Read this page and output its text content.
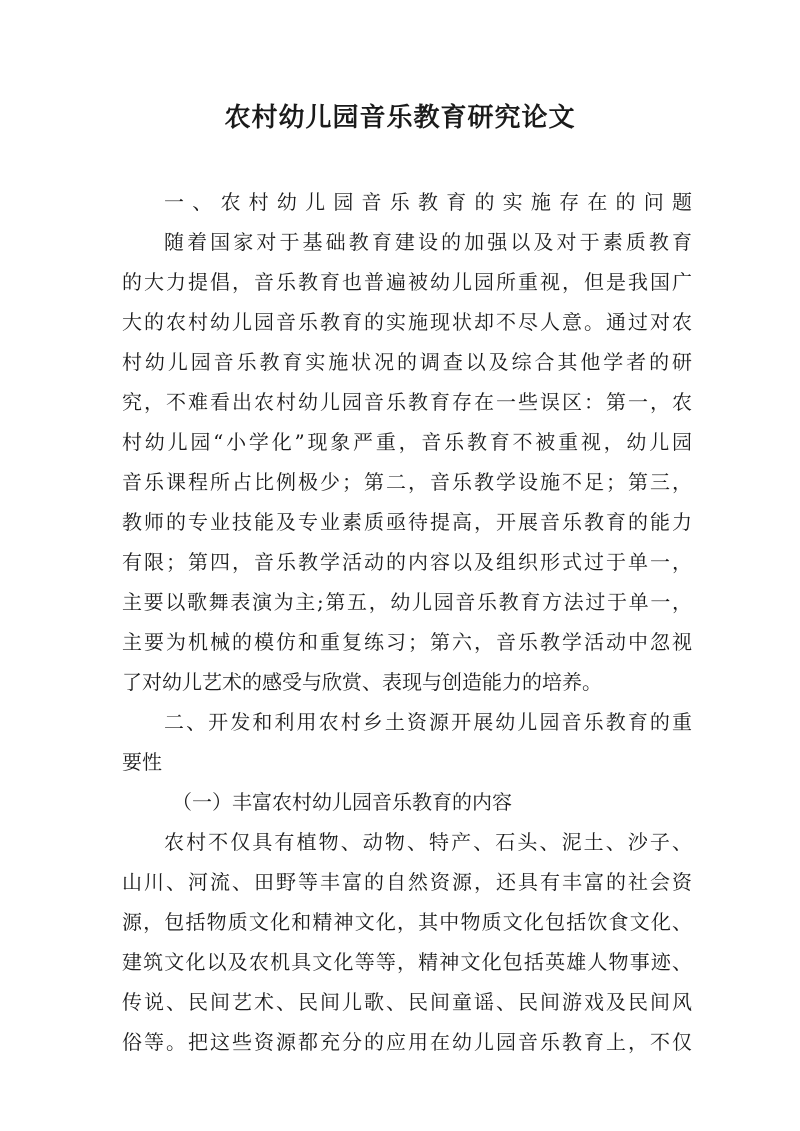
农村幼儿园音乐教育研究论文
一、农村幼儿园音乐教育的实施存在的问题
随着国家对于基础教育建设的加强以及对于素质教育
的大力提倡，音乐教育也普遍被幼儿园所重视，但是我国广
大的农村幼儿园音乐教育的实施现状却不尽人意。通过对农
村幼儿园音乐教育实施状况的调查以及综合其他学者的研
究，不难看出农村幼儿园音乐教育存在一些误区：第一，农
村幼儿园“小学化”现象严重，音乐教育不被重视，幼儿园
音乐课程所占比例极少；第二，音乐教学设施不足；第三，
教师的专业技能及专业素质亟待提高，开展音乐教育的能力
有限；第四，音乐教学活动的内容以及组织形式过于单一，
主要以歌舞表演为主;第五，幼儿园音乐教育方法过于单一，
主要为机械的模仿和重复练习；第六，音乐教学活动中忽视
了对幼儿艺术的感受与欣赏、表现与创造能力的培养。
二、开发和利用农村乡土资源开展幼儿园音乐教育的重
要性
（一）丰富农村幼儿园音乐教育的内容
农村不仅具有植物、动物、特产、石头、泥土、沙子、
山川、河流、田野等丰富的自然资源，还具有丰富的社会资
源，包括物质文化和精神文化，其中物质文化包括饮食文化、
建筑文化以及农机具文化等等，精神文化包括英雄人物事迹、
传说、民间艺术、民间儿歌、民间童谣、民间游戏及民间风
俗等。把这些资源都充分的应用在幼儿园音乐教育上，不仅
